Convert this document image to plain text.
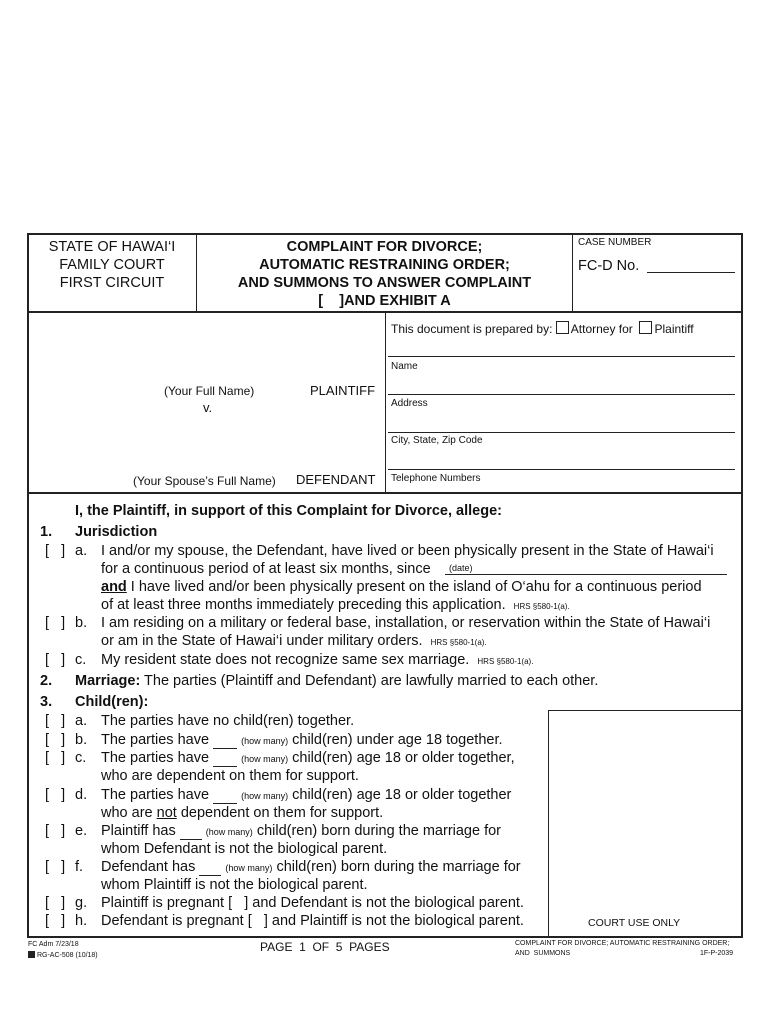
STATE OF HAWAI‘I
FAMILY COURT
FIRST CIRCUIT
COMPLAINT FOR DIVORCE;
AUTOMATIC RESTRAINING ORDER;
AND SUMMONS TO ANSWER COMPLAINT
[    ]AND EXHIBIT A
CASE NUMBER
FC-D No.
(Your Full Name)	PLAINTIFF
v.
(Your Spouse’s Full Name) DEFENDANT
This document is prepared by: Attorney for Plaintiff
Name
Address
City, State, Zip Code
Telephone Numbers
I, the Plaintiff, in support of this Complaint for Divorce, allege:
1. Jurisdiction
[ ] a. I and/or my spouse, the Defendant, have lived or been physically present in the State of Hawai‘i
for a continuous period of at least six months, since (date)
and I have lived and/or been physically present on the island of O‘ahu for a continuous period
of at least three months immediately preceding this application. HRS §580-1(a).
[ ] b. I am residing on a military or federal base, installation, or reservation within the State of Hawai‘i
or am in the State of Hawai‘i under military orders. HRS §580-1(a).
[ ] c. My resident state does not recognize same sex marriage. HRS §580-1(a).
2. Marriage: The parties (Plaintiff and Defendant) are lawfully married to each other.
3. Child(ren):
COURT USE ONLY
[ ] a. The parties have no child(ren) together.
[ ] b. The parties have	(how many) child(ren) under age 18 together.
[ ] c. The parties have	(how many) child(ren) age 18 or older together,
who are dependent on them for support.
[ ] d. The parties have	(how many) child(ren) age 18 or older together
who are not dependent on them for support.
[ ] e. Plaintiff has	(how many) child(ren) born during the marriage for
whom Defendant is not the biological parent.
[ ] f. Defendant has	(how many) child(ren) born during the marriage for
whom Plaintiff is not the biological parent.
[ ] g. Plaintiff is pregnant [ ] and Defendant is not the biological parent.
[ ] h. Defendant is pregnant [ ] and Plaintiff is not the biological parent.
FC Adm 7/23/18
RG-AC-508 (10/18)
PAGE  1  OF  5  PAGES	COMPLAINT FOR DIVORCE; AUTOMATIC RESTRAINING ORDER;
AND  SUMMONS	1F-P-2039
